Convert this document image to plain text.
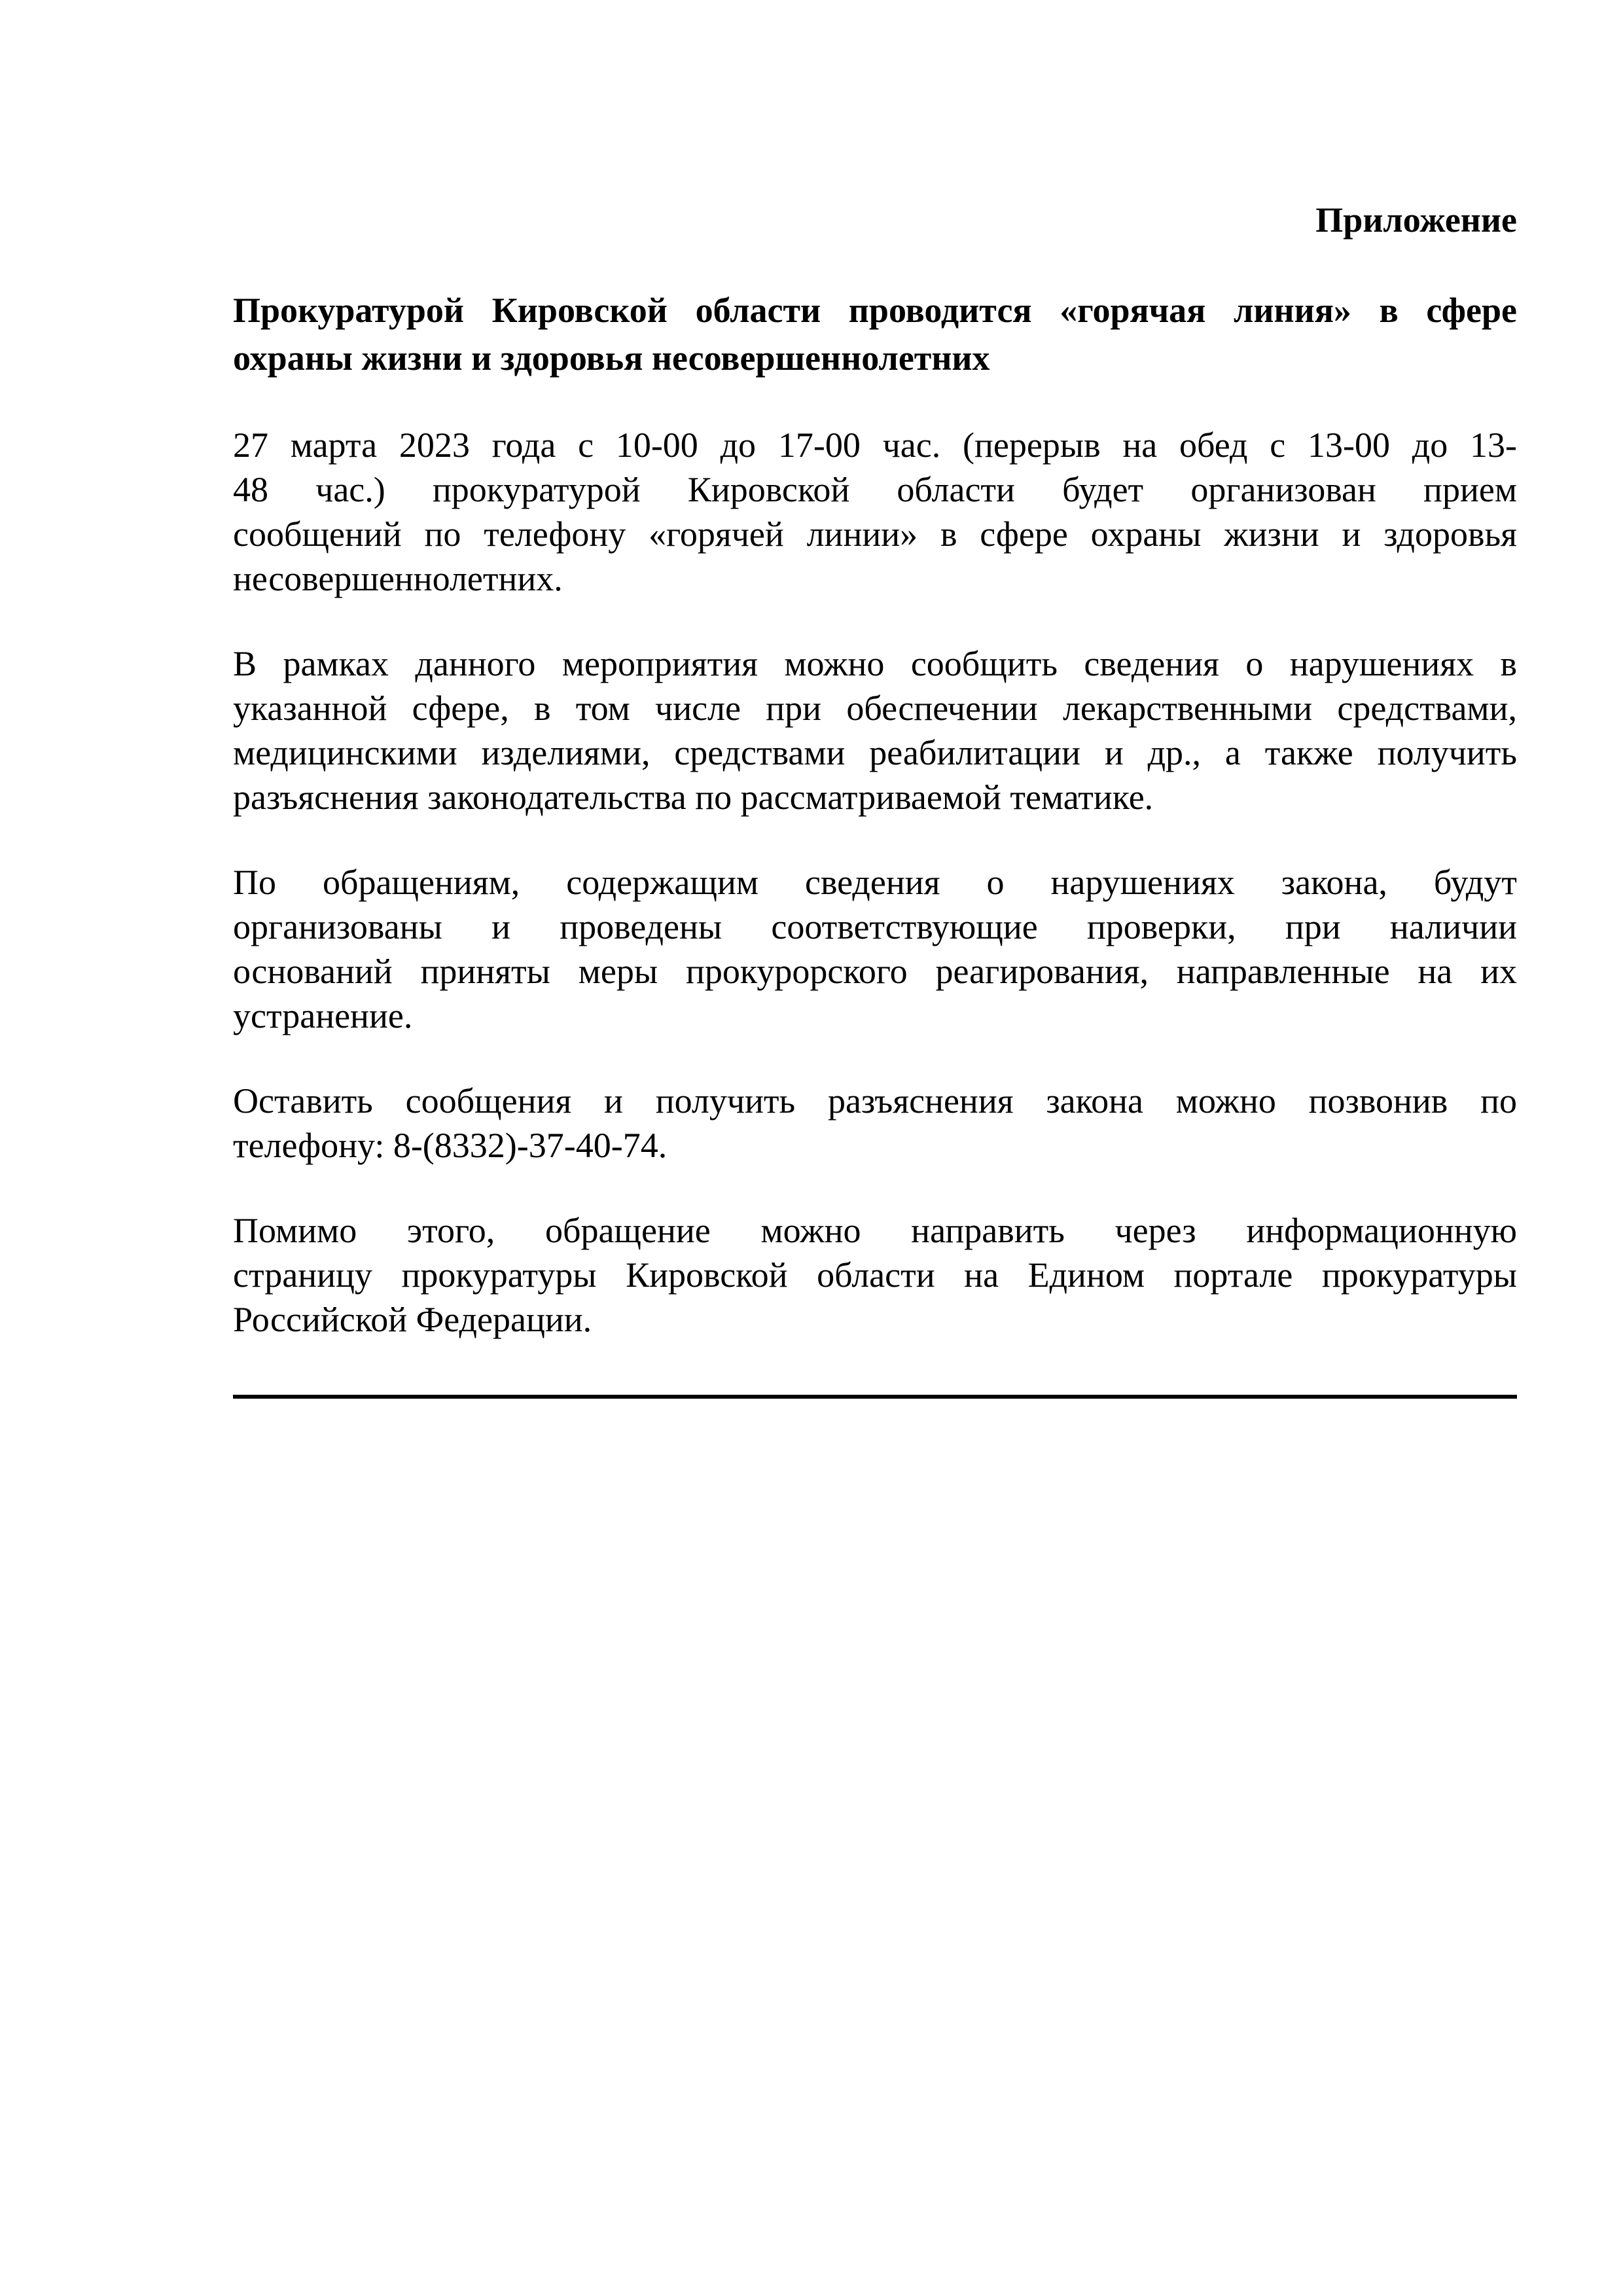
Приложение

Прокуратурой Кировской области проводится «горячая линия» в сфере
охраны жизни и здоровья несовершеннолетних

27 марта 2023 года с 10-00 до 17-00 час. (перерыв на обед с 13-00 до 13-
48 час.) прокуратурой Кировской области будет организован прием
сообщений по телефону «горячей линии» в сфере охраны жизни и здоровья
несовершеннолетних.

В рамках данного мероприятия можно сообщить сведения о нарушениях в
указанной сфере, в том числе при обеспечении лекарственными средствами,
медицинскими изделиями, средствами реабилитации и др., а также получить
разъяснения законодательства по рассматриваемой тематике.

По обращениям, содержащим сведения о нарушениях закона, будут
организованы и проведены соответствующие проверки, при наличии
оснований приняты меры прокурорского реагирования, направленные на их
устранение.

Оставить сообщения и получить разъяснения закона можно позвонив по
телефону: 8-(8332)-37-40-74.

Помимо этого, обращение можно направить через информационную
страницу прокуратуры Кировской области на Едином портале прокуратуры
Российской Федерации.
